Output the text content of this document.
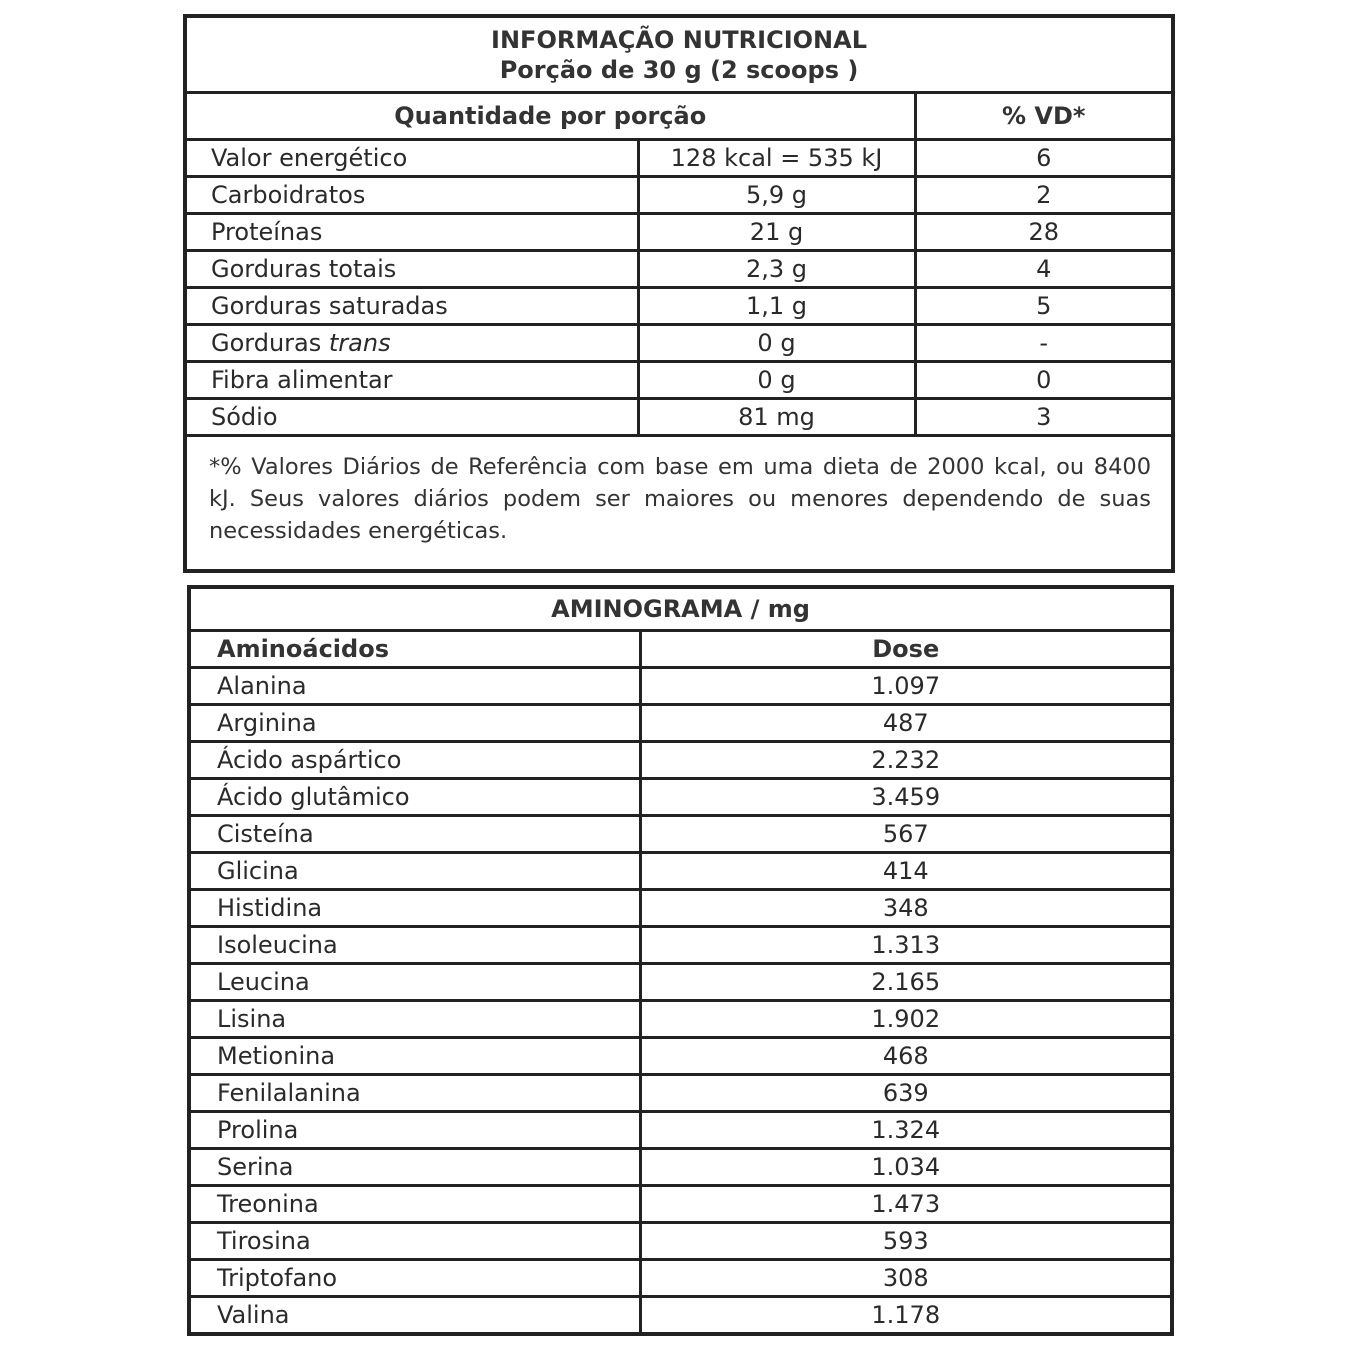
INFORMAÇÃO NUTRICIONAL
Porção de 30 g (2 scoops )		

Quantidade por porção		% VD*
Valor energético	128 kcal = 535 kJ	6
Carboidratos	5,9 g	2
Proteínas	21 g	28
Gorduras totais	2,3 g	4
Gorduras saturadas	1,1 g	5
Gorduras trans	0 g	-
Fibra alimentar	0 g	0
Sódio	81 mg	3
*% Valores Diários de Referência com base em uma dieta de 2000 kcal, ou 8400 kJ. Seus valores diários podem ser maiores ou menores dependendo de suas necessidades energéticas.		
AMINOGRAMA / mg	
Aminoácidos	Dose
Alanina	1.097
Arginina	487
Ácido aspártico	2.232
Ácido glutâmico	3.459
Cisteína	567
Glicina	414
Histidina	348
Isoleucina	1.313
Leucina	2.165
Lisina	1.902
Metionina	468
Fenilalanina	639
Prolina	1.324
Serina	1.034
Treonina	1.473
Tirosina	593
Triptofano	308
Valina	1.178
